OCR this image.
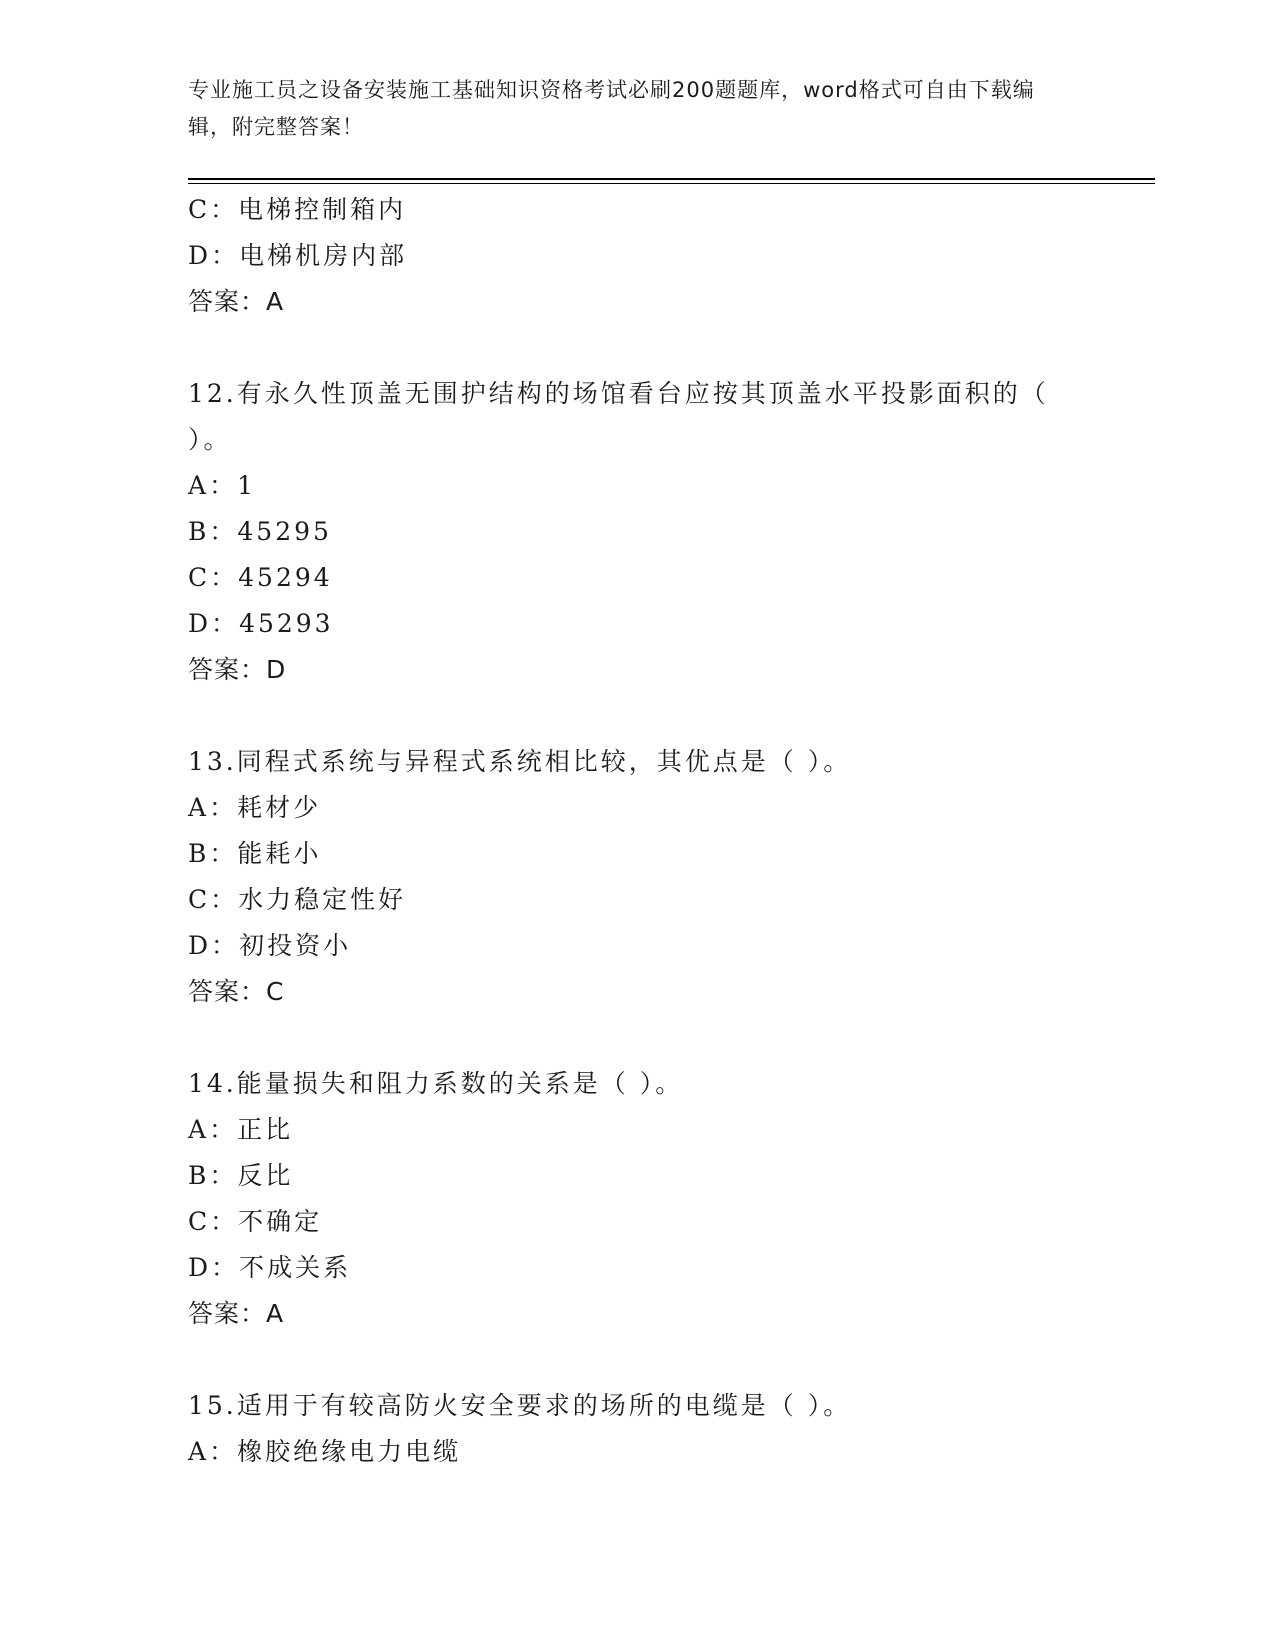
专业施工员之设备安装施工基础知识资格考试必刷200题题库，word格式可自由下载编辑，附完整答案！
C：电梯控制箱内
D：电梯机房内部
答案：A
12.有永久性顶盖无围护结构的场馆看台应按其顶盖水平投影面积的（ ）。
A：1
B：45295
C：45294
D：45293
答案：D
13.同程式系统与异程式系统相比较，其优点是（ ）。
A：耗材少
B：能耗小
C：水力稳定性好
D：初投资小
答案：C
14.能量损失和阻力系数的关系是（ ）。
A：正比
B：反比
C：不确定
D：不成关系
答案：A
15.适用于有较高防火安全要求的场所的电缆是（ ）。
A：橡胶绝缘电力电缆
